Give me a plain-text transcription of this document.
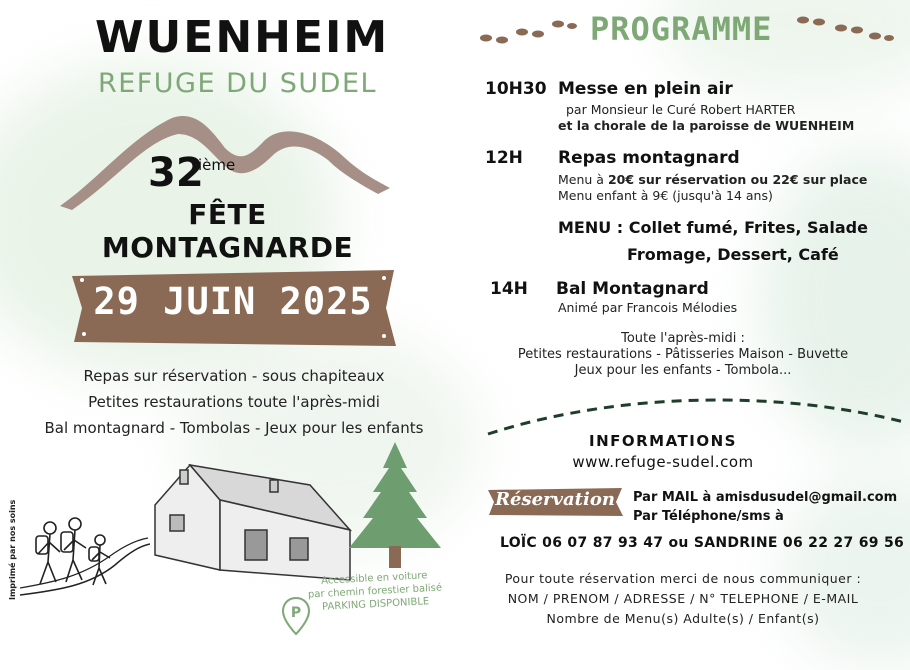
WUENHEIM
REFUGE DU SUDEL
32
ième
FÊTE MONTAGNARDE
29 JUIN 2025
Repas sur réservation - sous chapiteaux
Petites restaurations toute l'après-midi
Bal montagnard - Tombolas - Jeux pour les enfants
Imprimé par nos soins
P
Accessible en voiture
par chemin forestier balisé
PARKING DISPONIBLE
PROGRAMME
10H30 Messe en plein air
par Monsieur le Curé Robert HARTER
et la chorale de la paroisse de WUENHEIM
12H Repas montagnard
Menu à 20€ sur réservation ou 22€ sur place
Menu enfant à 9€ (jusqu'à 14 ans)
MENU : Collet fumé, Frites, Salade
Fromage, Dessert, Café
14H Bal Montagnard
Animé par Francois Mélodies
Toute l'après-midi :
Petites restaurations - Pâtisseries Maison - Buvette
Jeux pour les enfants - Tombola...
INFORMATIONS
www.refuge-sudel.com
Réservation	Par MAIL à amisdusudel@gmail.com
Par Téléphone/sms à
LOÏC 06 07 87 93 47 ou SANDRINE 06 22 27 69 56
Pour toute réservation merci de nous communiquer :
NOM / PRENOM / ADRESSE / N° TELEPHONE / E-MAIL
Nombre de Menu(s) Adulte(s) / Enfant(s)
